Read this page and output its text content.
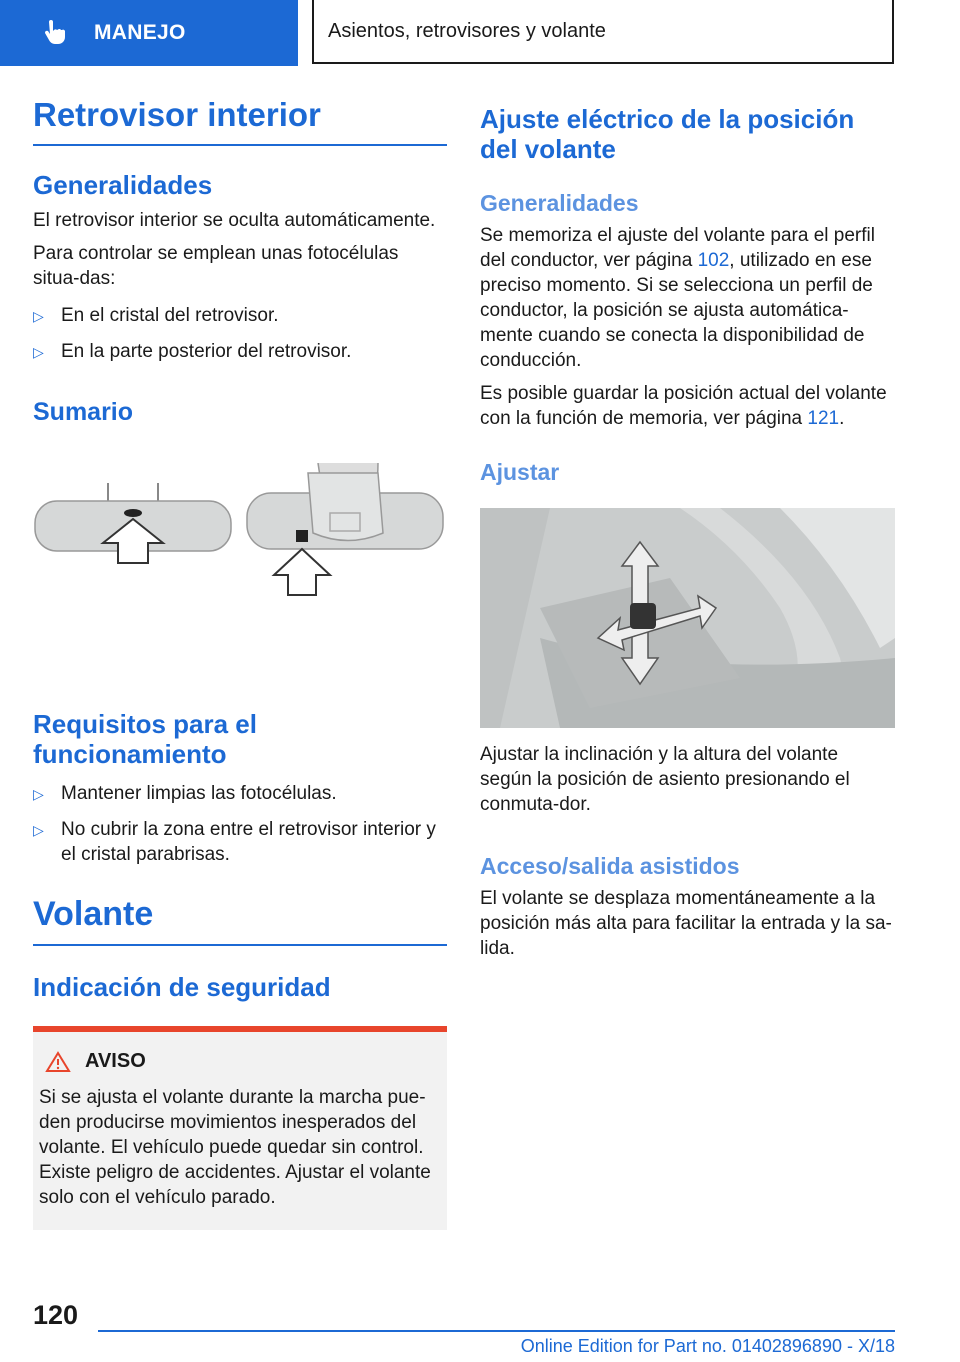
MANEJO	Asientos, retrovisores y volante
Retrovisor interior
Generalidades

El retrovisor interior se oculta automáticamente.

Para controlar se emplean unas fotocélulas situa-das:

▷ En el cristal del retrovisor.
▷ En la parte posterior del retrovisor.
Sumario
Requisitos para el funcionamiento
▷ Mantener limpias las fotocélulas.
▷ No cubrir la zona entre el retrovisor interior y el cristal parabrisas.
Volante
Indicación de seguridad
AVISO

Si se ajusta el volante durante la marcha pue-den producirse movimientos inesperados del volante. El vehículo puede quedar sin control. Existe peligro de accidentes. Ajustar el volante solo con el vehículo parado.

Ajuste eléctrico de la posición del volante
Generalidades

Se memoriza el ajuste del volante para el perfil del conductor, ver página 102, utilizado en ese preciso momento. Si se selecciona un perfil de conductor, la posición se ajusta automática-mente cuando se conecta la disponibilidad de conducción.

Es posible guardar la posición actual del volante con la función de memoria, ver página 121.

Ajustar

Ajustar la inclinación y la altura del volante según la posición de asiento presionando el conmuta-dor.

Acceso/salida asistidos

El volante se desplaza momentáneamente a la posición más alta para facilitar la entrada y la sa-lida.

120
Online Edition for Part no. 01402896890 - X/18
